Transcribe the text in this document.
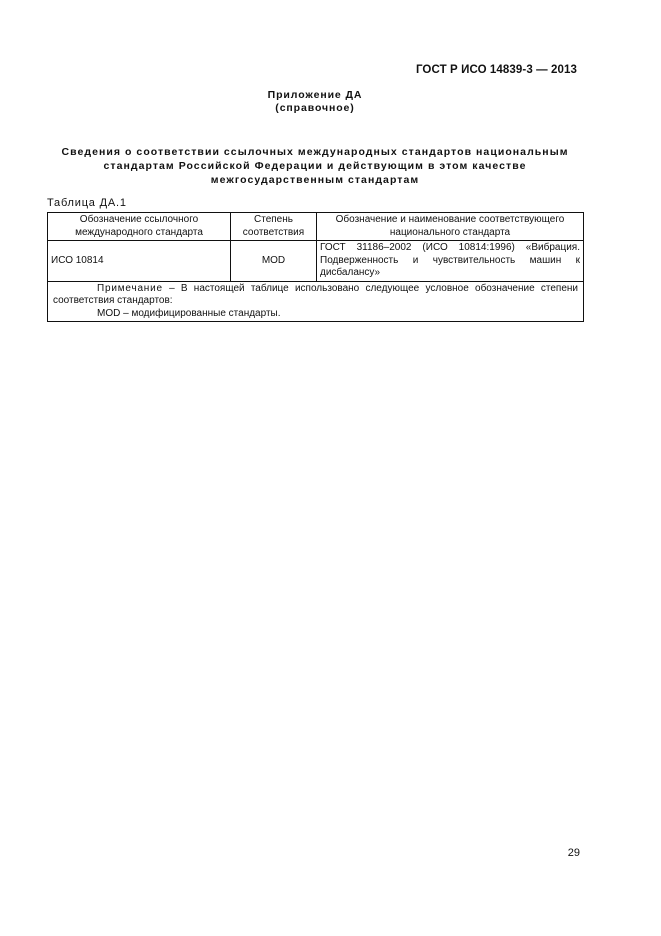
ГОСТ Р ИСО 14839-3 — 2013
Приложение ДА
(справочное)
Сведения о соответствии ссылочных международных стандартов национальным стандартам Российской Федерации и действующим в этом качестве межгосударственным стандартам
Таблица ДА.1
Обозначение ссылочного международного стандарта	Степень соответствия	Обозначение и наименование соответствующего национального стандарта
ИСО 10814	MOD	ГОСТ 31186–2002 (ИСО 10814:1996) «Вибрация. Подверженность и чувствительность машин к дисбалансу»

Примечание – В настоящей таблице использовано следующее условное обозначение степени соответствия стандартов:
MOD – модифицированные стандарты.		
29
